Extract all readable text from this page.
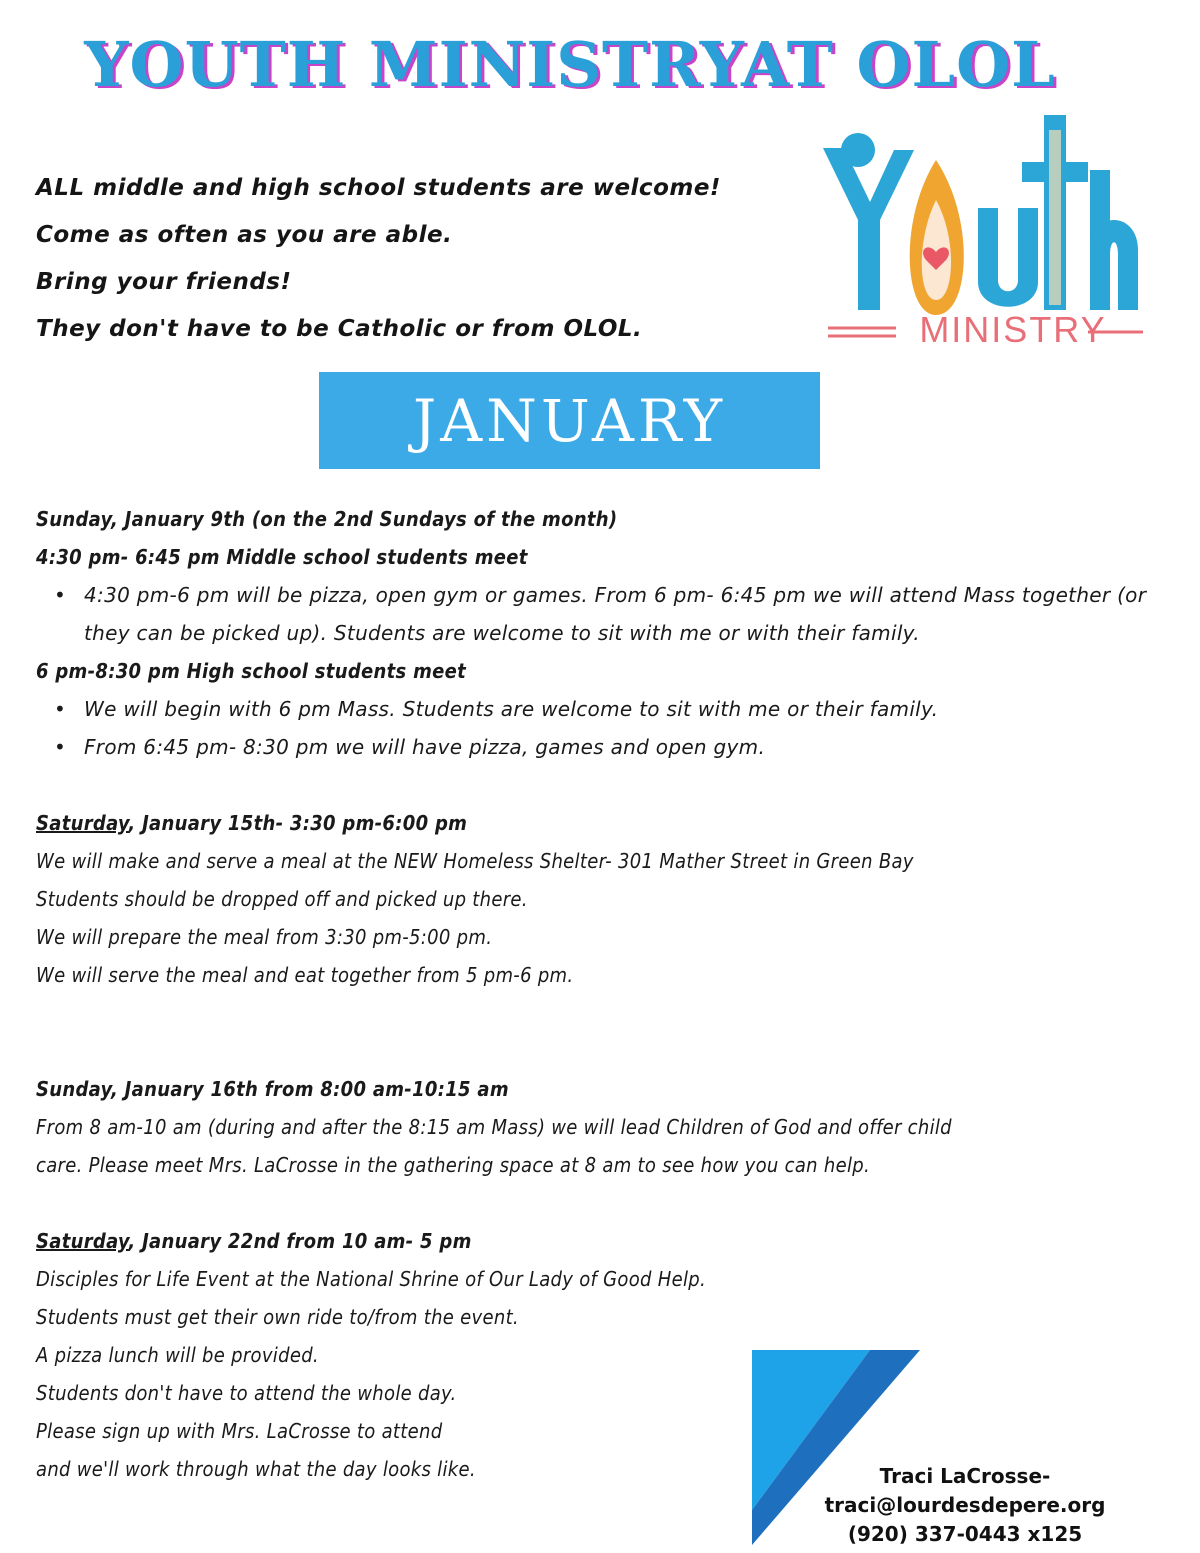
YOUTH MINISTRYAT OLOL
ALL middle and high school students are welcome!
Come as often as you are able.
Bring your friends!
They don't have to be Catholic or from OLOL.	MINISTRY
JANUARY
Sunday, January 9th (on the 2nd Sundays of the month)
4:30 pm- 6:45 pm Middle school students meet
• 4:30 pm-6 pm will be pizza, open gym or games. From 6 pm- 6:45 pm we will attend Mass together (or they can be picked up). Students are welcome to sit with me or with their family.
6 pm-8:30 pm High school students meet
• We will begin with 6 pm Mass. Students are welcome to sit with me or their family.
• From 6:45 pm- 8:30 pm we will have pizza, games and open gym.
Saturday, January 15th- 3:30 pm-6:00 pm
We will make and serve a meal at the NEW Homeless Shelter- 301 Mather Street in Green Bay
Students should be dropped off and picked up there.
We will prepare the meal from 3:30 pm-5:00 pm.
We will serve the meal and eat together from 5 pm-6 pm.
Sunday, January 16th from 8:00 am-10:15 am
From 8 am-10 am (during and after the 8:15 am Mass) we will lead Children of God and offer child
care. Please meet Mrs. LaCrosse in the gathering space at 8 am to see how you can help.
Saturday, January 22nd from 10 am- 5 pm
Disciples for Life Event at the National Shrine of Our Lady of Good Help.
Students must get their own ride to/from the event.
A pizza lunch will be provided.
Students don't have to attend the whole day.
Please sign up with Mrs. LaCrosse to attend
and we'll work through what the day looks like.	Traci LaCrosse-
traci@lourdesdepere.org
(920) 337-0443 x125
